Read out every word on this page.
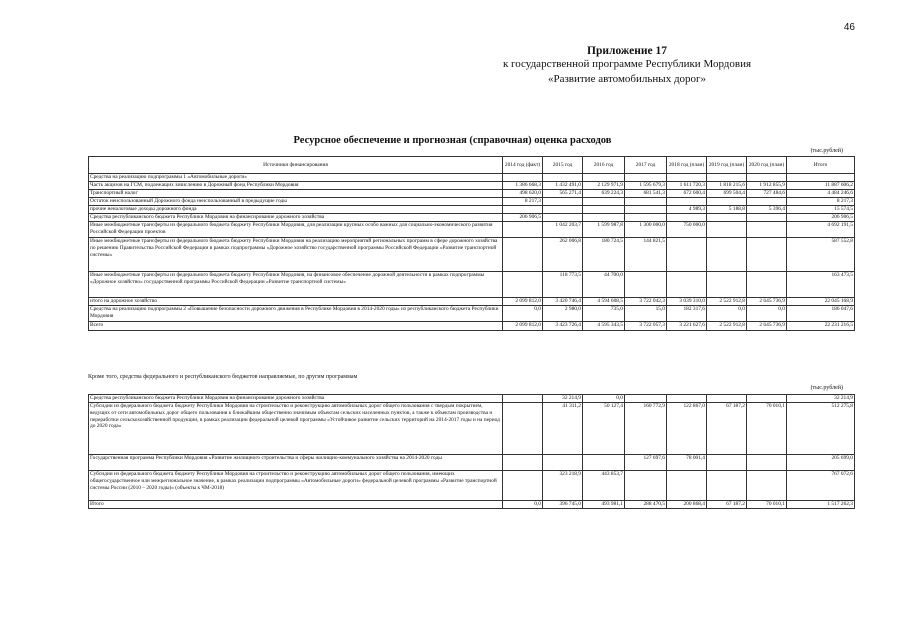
46
Приложение 17
к государственной программе Республики Мордовия
«Развитие автомобильных дорог»
Ресурсное обеспечение и прогнозная (справочная) оценка расходов
(тыс.рублей)
Источники финансирования	2014 год (факт)	2015 год	2016 год	2017 год	2018 год (план)	2019 год (план)	2020 год (план)	Итого
Средства на реализацию подпрограммы 1 «Автомобильные дороги»								
Часть акцизов на ГСМ, подлежащих зачислению в Дорожный фонд Республики Мордовия	1 386 668,3	1 432 491,0	2 129 971,9	1 595 679,3	1 611 720,3	1 818 215,6	1 912 855,9	11 887 606,2
Транспортный налог	498 620,0	565 271,4	639 224,3	681 541,3	672 600,4	699 504,4	727 484,6	4 484 246,6
Остаток неиспользованный Дорожного фонда неиспользованный в предыдущие годы	8 217,3							8 217,3
прочие неналоговые доходы дорожного фонда					4 989,3	5 188,8	5 396,4	15 574,5
Средства республиканского бюджета Республики Мордовия на финансирование дорожного хозяйства	206 906,5							206 906,5
Иные межбюджетные трансферты из федерального бюджета бюджету Республики Мордовия, для реализации крупных особо важных для социально-экономического развития Российской Федерации проектов		1 042 203,7	1 599 987,8	1 300 000,0	750 000,0			4 692 191,5
Иные межбюджетные трансферты из федерального бюджета бюджету Республики Мордовия на реализацию мероприятий региональных программ в сфере дорожного хозяйства по решению Правительства Российской Федерации в рамках подпрограммы «Дорожное хозяйство государственной программы Российской Федерации «Развитие транспортной системы»		262 006,8	180 724,5	144 821,5				587 552,8
Иные межбюджетные трансферты из федерального бюджета бюджету Республики Мордовия, на финансовое обеспечение дорожной деятельности в рамках подпрограммы «Дорожное хозяйство» государственной программы Российской Федерации «Развитие транспортной системы»		118 773,5	44 700,0					163 473,5
итого на дорожное хозяйство	2 099 812,0	3 420 746,4	4 594 608,5	3 722 042,3	3 039 310,0	2 522 912,8	2 645 736,9	22 045 168,9
Средства на реализацию подпрограммы 2 «Повышение безопасности дорожного движения в Республике Мордовия в 2014-2020 годы» из республиканского бюджета Республики Мордовия	0,0	2 980,0	735,0	15,0	182 317,6	0,0	0,0	186 047,6
Всего	2 099 812,0	3 423 726,4	4 595 343,5	3 722 057,3	3 221 627,6	2 522 912,8	2 645 736,9	22 231 216,5
Кроме того, средства федерального и республиканского бюджетов направляемые, по другим программам
(тыс.рублей)
Средства республиканского бюджета Республики Мордовия на финансирование дорожного хозяйства		32 214,9	0,0					32 214,9
Субсидии из федерального бюджета бюджету Республики Мордовия на строительство и реконструкцию автомобильных дорог общего пользования с твердым покрытием, ведущих от сети автомобильных дорог общего пользования к ближайшим общественно значимым объектам сельских населенных пунктов, а также к объектам производства и переработки сельскохозяйственной продукции, в рамках реализации федеральной целевой программы «Устойчивое развитие сельских территорий на 2014-2017 годы и на период до 2020 года»		41 311,2	50 127,4	160 772,9	122 867,0	67 187,2	70 010,1	512 275,8
Государственная программа Республики Мордовия «Развитие жилищного строительства и сферы жилищно-коммунального хозяйства на 2014-2020 годы				127 697,6	78 001,4			205 699,0
Субсидии из федерального бюджета бюджету Республики Мордовия на строительство и реконструкцию автомобильных дорог общего пользования, имеющих общегосударственное или межрегиональное значение, в рамках реализации подпрограммы «Автомобильные дороги» федеральной целевой программы «Развитие транспортной системы России (2010 – 2020 годы)» (объекты к ЧМ-2018)		323 218,9	443 853,7					767 072,6
Итого	0,0	396 745,0	493 981,1	288 470,5	200 868,4	67 187,2	70 010,1	1 517 262,3
